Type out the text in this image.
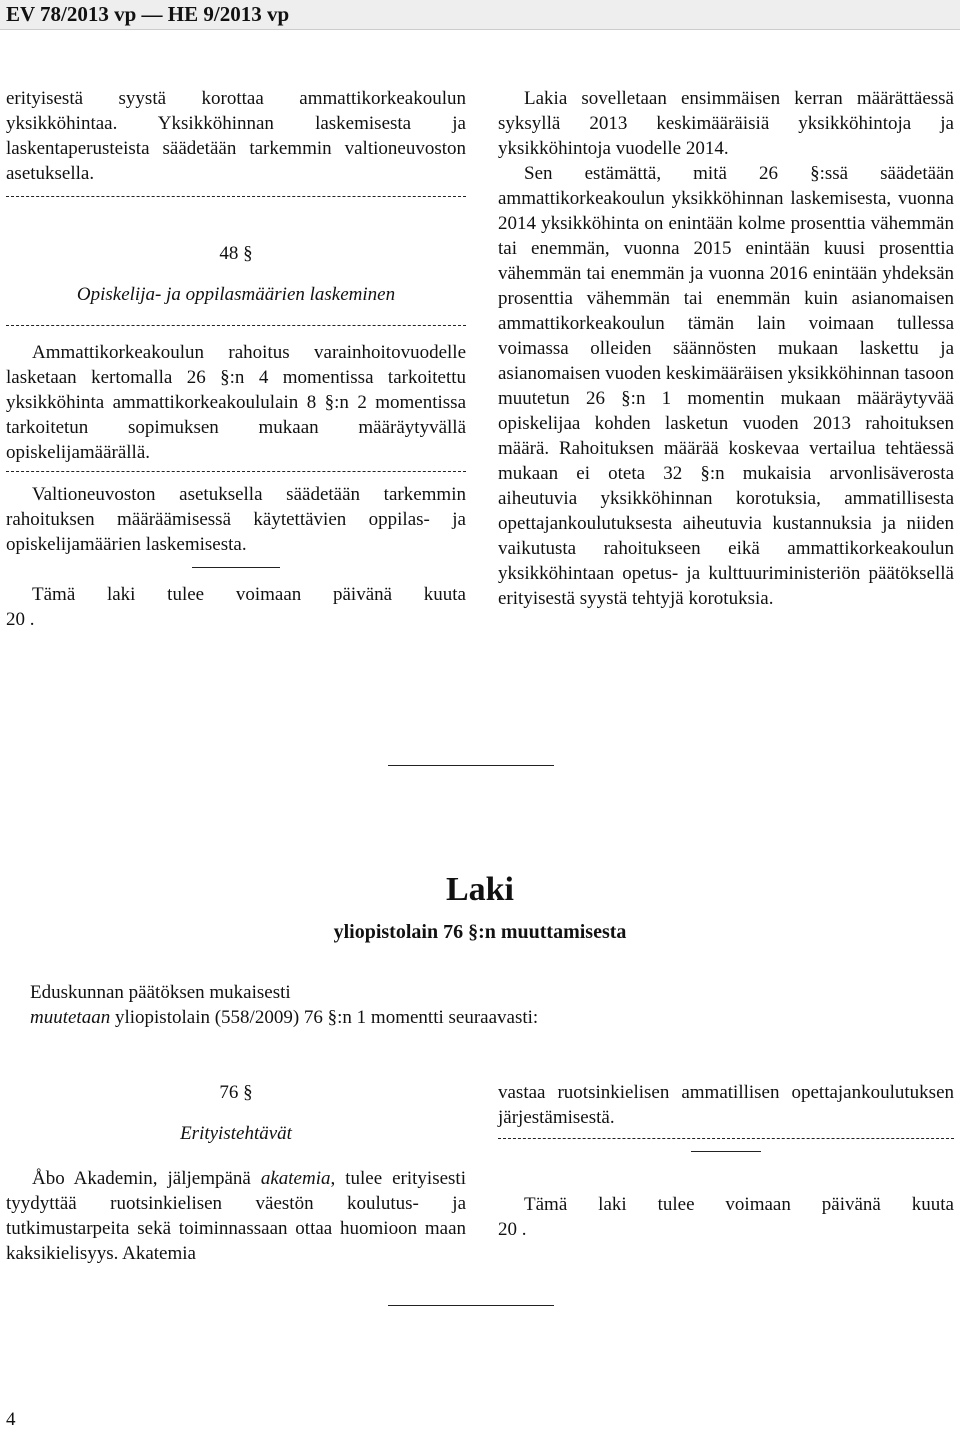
EV 78/2013 vp — HE 9/2013 vp

erityisestä syystä korottaa ammattikorkeakoulun yksikköhintaa. Yksikköhinnan laskemisesta ja laskentaperusteista säädetään tarkemmin valtioneuvoston asetuksella.

48 §
Opiskelija- ja oppilasmäärien laskeminen

Ammattikorkeakoulun rahoitus varainhoitovuodelle lasketaan kertomalla 26 §:n 4 momentissa tarkoitettu yksikköhinta ammattikorkeakoululain 8 §:n 2 momentissa tarkoitetun sopimuksen mukaan määräytyvällä opiskelijamäärällä.

Valtioneuvoston asetuksella säädetään tarkemmin rahoituksen määräämisessä käytettävien oppilas- ja opiskelijamäärien laskemisesta.

Tämä laki tulee voimaan päivänä kuuta

20 .

Lakia sovelletaan ensimmäisen kerran määrättäessä syksyllä 2013 keskimääräisiä yksikköhintoja ja yksikköhintoja vuodelle 2014.

Sen estämättä, mitä 26 §:ssä säädetään ammattikorkeakoulun yksikköhinnan laskemisesta, vuonna 2014 yksikköhinta on enintään kolme prosenttia vähemmän tai enemmän, vuonna 2015 enintään kuusi prosenttia vähemmän tai enemmän ja vuonna 2016 enintään yhdeksän prosenttia vähemmän tai enemmän kuin asianomaisen ammattikorkeakoulun tämän lain voimaan tullessa voimassa olleiden säännösten mukaan laskettu ja asianomaisen vuoden keskimääräisen yksikköhinnan tasoon muutetun 26 §:n 1 momentin mukaan määräytyvää opiskelijaa kohden lasketun vuoden 2013 rahoituksen määrä. Rahoituksen määrää koskevaa vertailua tehtäessä mukaan ei oteta 32 §:n mukaisia arvonlisäverosta aiheutuvia yksikköhinnan korotuksia, ammatillisesta opettajankoulutuksesta aiheutuvia kustannuksia ja niiden vaikutusta rahoitukseen eikä ammattikorkeakoulun yksikköhintaan opetus- ja kulttuuriministeriön päätöksellä erityisestä syystä tehtyjä korotuksia.

Laki
yliopistolain 76 §:n muuttamisesta
Eduskunnan päätöksen mukaisesti
muutetaan yliopistolain (558/2009) 76 §:n 1 momentti seuraavasti:
76 §
Erityistehtävät

Åbo Akademin, jäljempänä akatemia, tulee erityisesti tyydyttää ruotsinkielisen väestön koulutus- ja tutkimustarpeita sekä toiminnassaan ottaa huomioon maan kaksikielisyys. Akatemia

vastaa ruotsinkielisen ammatillisen opettajankoulutuksen järjestämisestä.

Tämä laki tulee voimaan päivänä kuuta

20 .

4
